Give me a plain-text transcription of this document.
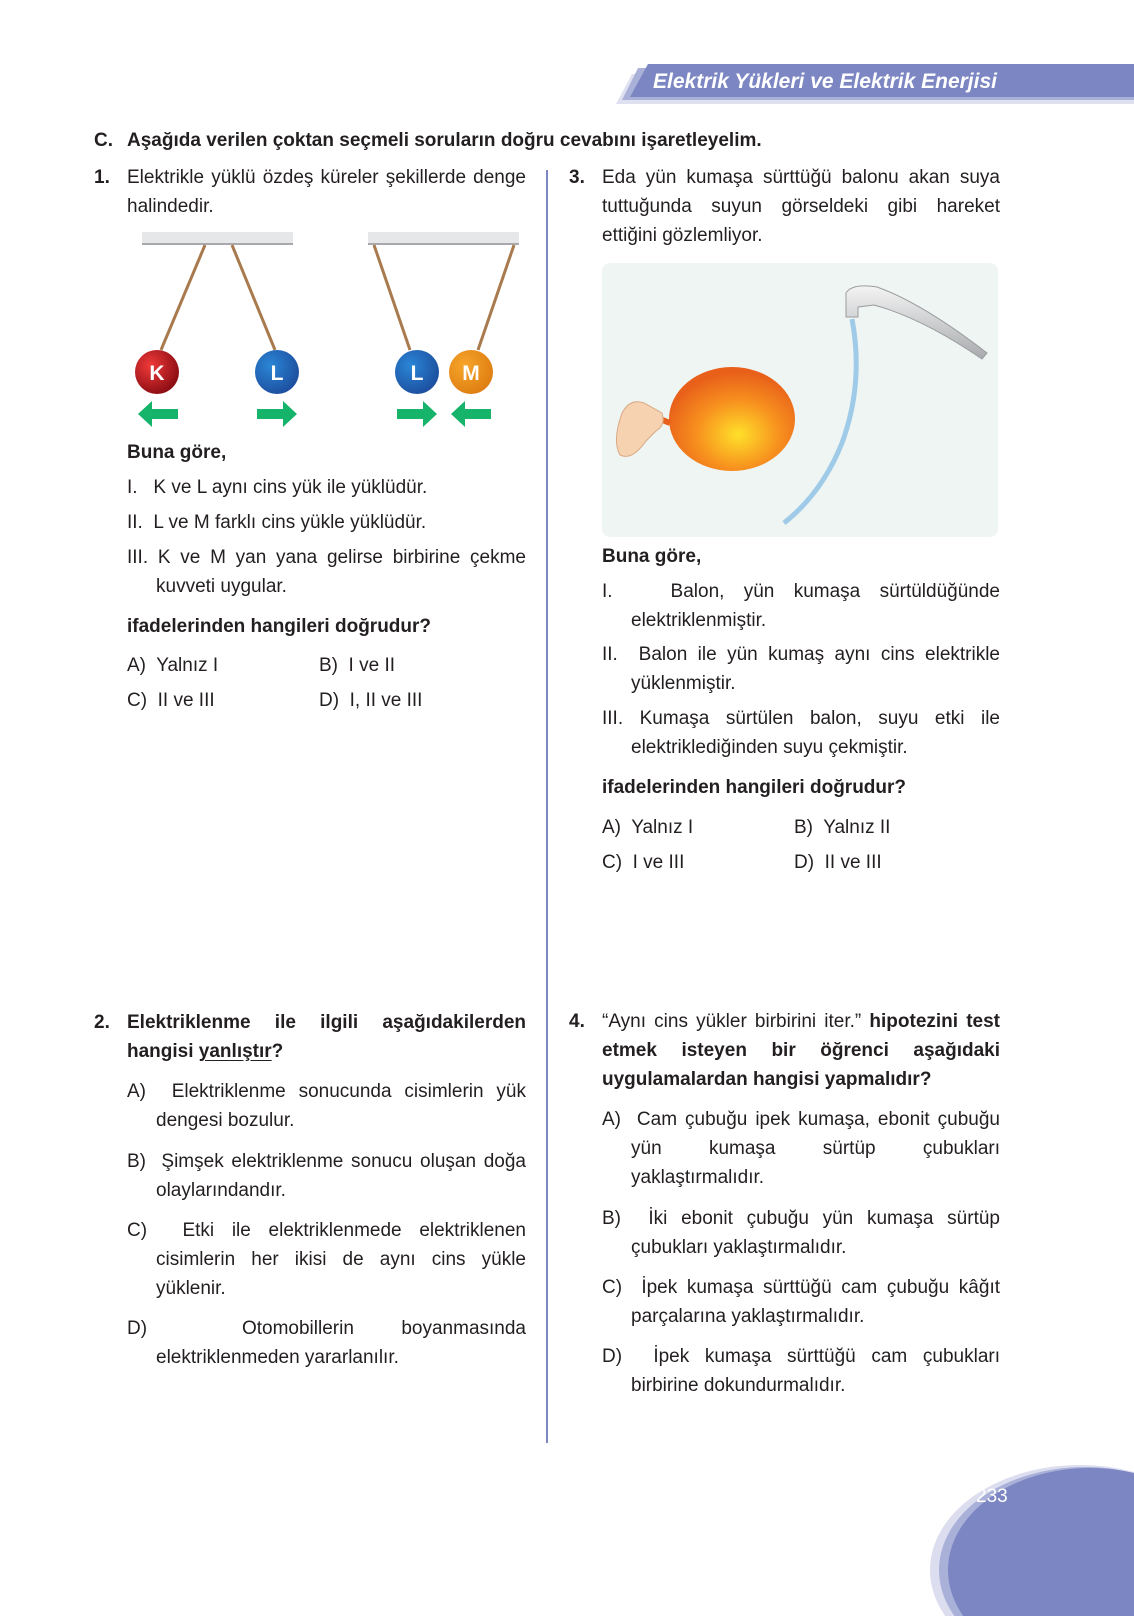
Elektrik Yükleri ve Elektrik Enerjisi
C. Aşağıda verilen çoktan seçmeli soruların doğru cevabını işaretleyelim.
1. Elektrikle yüklü özdeş küreler şekillerde denge halindedir.
K	L	L M
Buna göre,
I.   K ve L aynı cins yük ile yüklüdür.
II.  L ve M farklı cins yükle yüklüdür.
III. K ve M yan yana gelirse birbirine çekme kuvveti uygular.
ifadelerinden hangileri doğrudur?
A)  Yalnız I	B)  I ve II
C)  II ve III	D)  I, II ve III
3. Eda yün kumaşa sürttüğü balonu akan suya tuttuğunda suyun görseldeki gibi hareket ettiğini gözlemliyor.
Buna göre,
I.   Balon, yün kumaşa sürtüldüğünde elektriklenmiştir.
II.  Balon ile yün kumaş aynı cins elektrikle yüklenmiştir.
III. Kumaşa sürtülen balon, suyu etki ile elektriklediğinden suyu çekmiştir.
ifadelerinden hangileri doğrudur?
A)  Yalnız I	B)  Yalnız II
C)  I ve III	D)  II ve III
2. Elektriklenme ile ilgili aşağıdakilerden hangisi yanlıştır?
A)  Elektriklenme sonucunda cisimlerin yük dengesi bozulur.
B)  Şimşek elektriklenme sonucu oluşan doğa olaylarındandır.
C)  Etki ile elektriklenmede elektriklenen cisimlerin her ikisi de aynı cins yükle yüklenir.
D)  Otomobillerin boyanmasında elektriklenmeden yararlanılır.
4. “Aynı cins yükler birbirini iter.” hipotezini test etmek isteyen bir öğrenci aşağıdaki uygulamalardan hangisi yapmalıdır?
A)  Cam çubuğu ipek kumaşa, ebonit çubuğu yün kumaşa sürtüp çubukları yaklaştırmalıdır.
B)  İki ebonit çubuğu yün kumaşa sürtüp çubukları yaklaştırmalıdır.
C)  İpek kumaşa sürttüğü cam çubuğu kâğıt parçalarına yaklaştırmalıdır.
D)  İpek kumaşa sürttüğü cam çubukları birbirine dokundurmalıdır.
233
